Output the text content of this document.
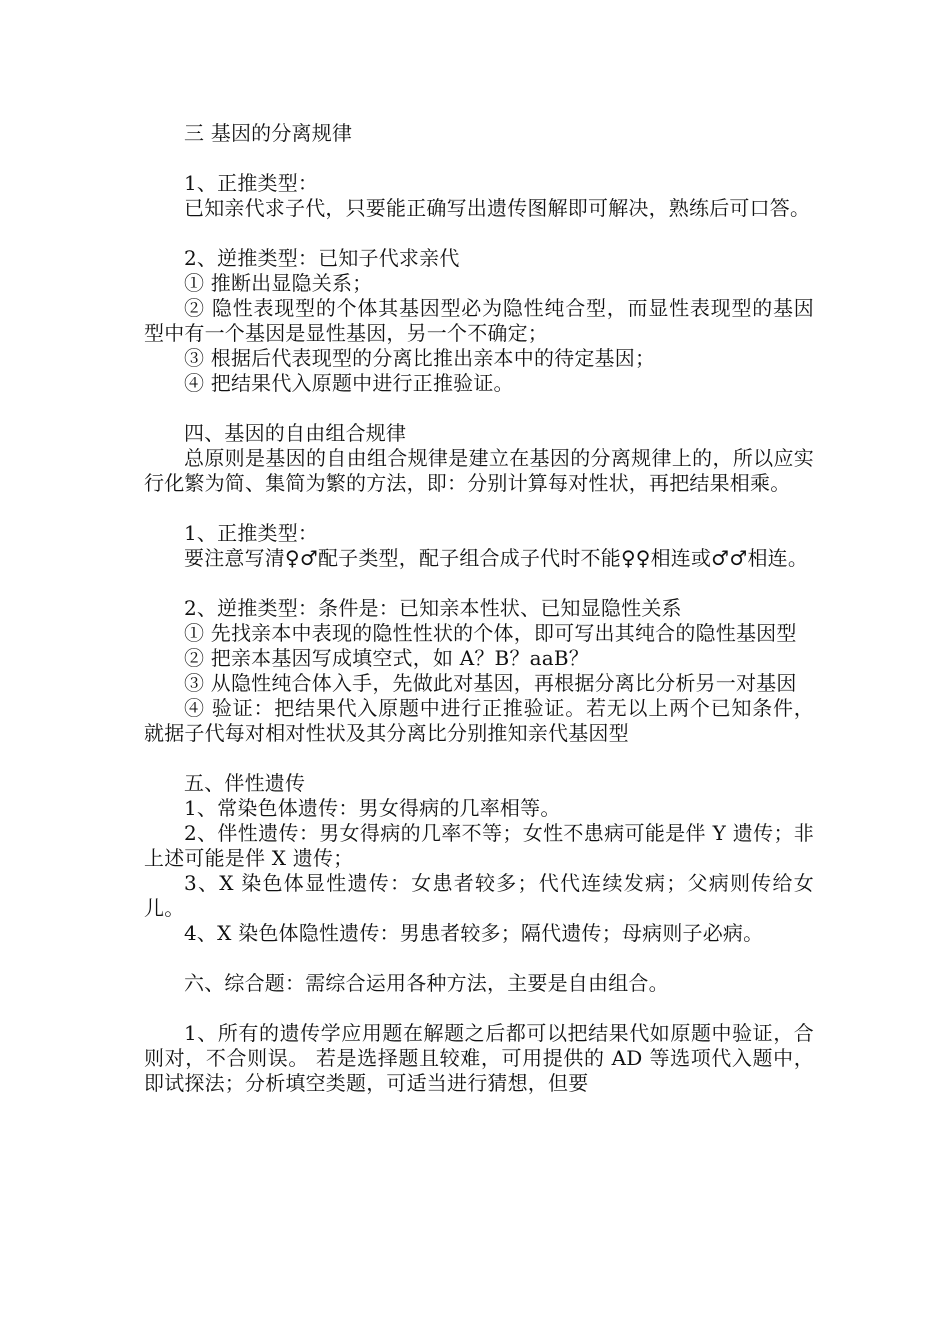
三 基因的分离规律

1、正推类型：

已知亲代求子代，只要能正确写出遗传图解即可解决，熟练后可口答。

2、逆推类型：已知子代求亲代

① 推断出显隐关系；

② 隐性表现型的个体其基因型必为隐性纯合型，而显性表现型的基因型中有一个基因是显性基因，另一个不确定；

③ 根据后代表现型的分离比推出亲本中的待定基因；

④ 把结果代入原题中进行正推验证。

四、基因的自由组合规律

总原则是基因的自由组合规律是建立在基因的分离规律上的，所以应实行化繁为简、集简为繁的方法，即：分别计算每对性状，再把结果相乘。

1、正推类型：

要注意写清♀♂配子类型，配子组合成子代时不能♀♀相连或♂♂相连。

2、逆推类型：条件是：已知亲本性状、已知显隐性关系

① 先找亲本中表现的隐性性状的个体，即可写出其纯合的隐性基因型

② 把亲本基因写成填空式，如 A？B？aaB？

③ 从隐性纯合体入手，先做此对基因，再根据分离比分析另一对基因

④ 验证：把结果代入原题中进行正推验证。若无以上两个已知条件，就据子代每对相对性状及其分离比分别推知亲代基因型

五、伴性遗传

1、常染色体遗传：男女得病的几率相等。

2、伴性遗传：男女得病的几率不等；女性不患病可能是伴 Y 遗传；非上述可能是伴 X 遗传；

3、X 染色体显性遗传：女患者较多；代代连续发病；父病则传给女儿。

4、X 染色体隐性遗传：男患者较多；隔代遗传；母病则子必病。

六、综合题：需综合运用各种方法，主要是自由组合。

1、所有的遗传学应用题在解题之后都可以把结果代如原题中验证，合则对，不合则误。 若是选择题且较难，可用提供的 AD 等选项代入题中，即试探法；分析填空类题，可适当进行猜想，但要
